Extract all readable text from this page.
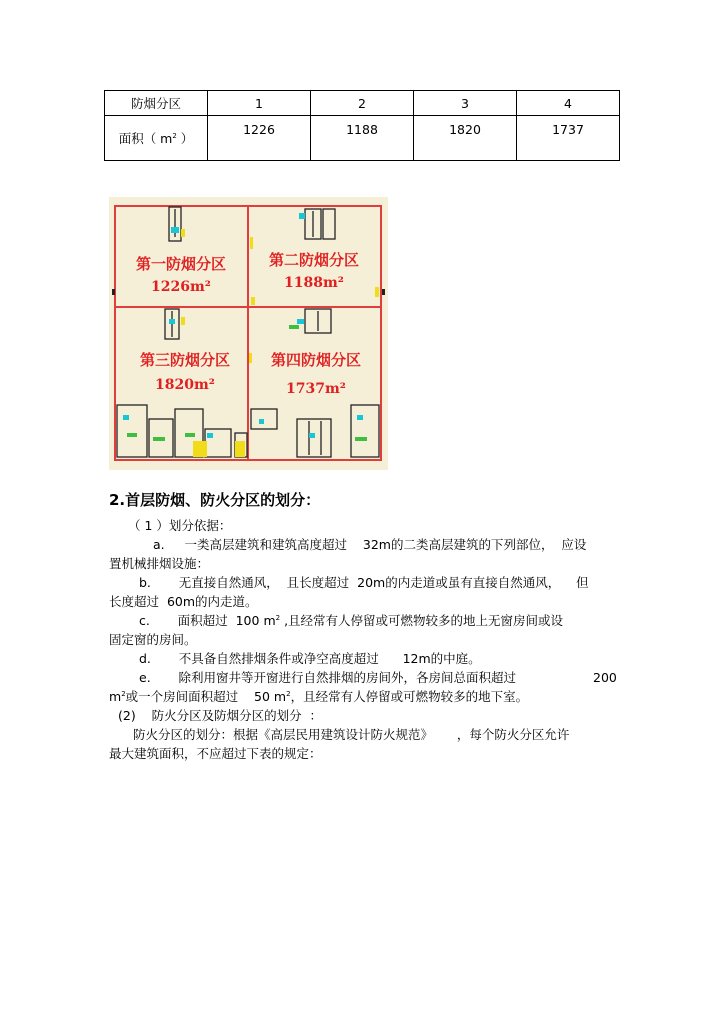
防烟分区	1	2	3	4
面积（ $m^2$ ）	1226	1188	1820	1737
第一防烟分区
1226m²
第二防烟分区
1188m²
第三防烟分区
1820m²
第四防烟分区
1737m²
2.首层防烟、防火分区的划分：
（ 1 ）划分依据：
a.     一类高层建筑和建筑高度超过    32m的二类高层建筑的下列部位，  应设
置机械排烟设施：
b.       无直接自然通风，  且长度超过  20m的内走道或虽有直接自然通风，    但
长度超过  60m的内走道。
c.       面积超过  100 $m^2$ ,且经常有人停留或可燃物较多的地上无窗房间或设
固定窗的房间。
d.       不具备自然排烟条件或净空高度超过      12m的中庭。
e.       除利用窗井等开窗进行自然排烟的房间外，各房间总面积超过	200
$m^2$或一个房间面积超过    50 $m^2$，且经常有人停留或可燃物较多的地下室。
(2)    防火分区及防烟分区的划分  ：
防火分区的划分：根据《高层民用建筑设计防火规范》      ，每个防火分区允许
最大建筑面积，不应超过下表的规定：
